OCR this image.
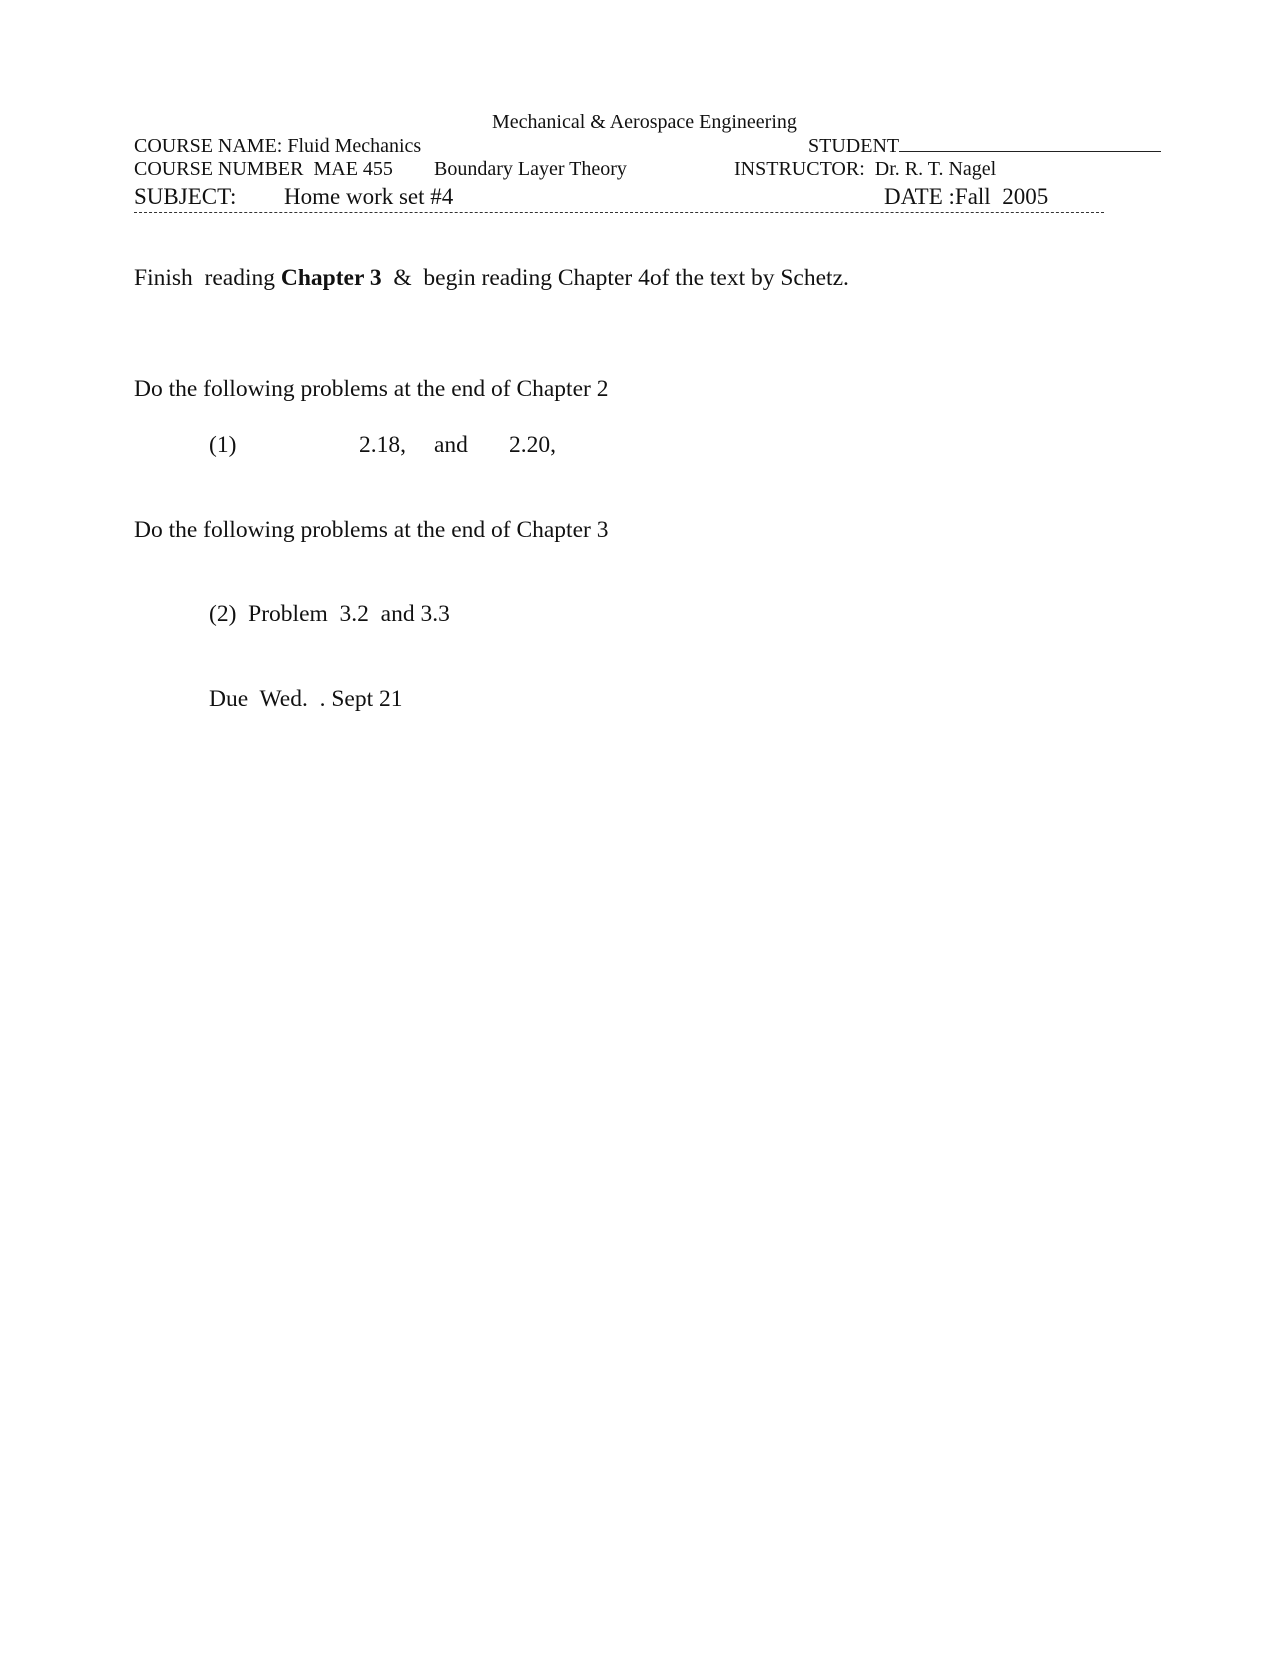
Mechanical & Aerospace Engineering
COURSE NAME: Fluid Mechanics	STUDENT
COURSE NUMBER  MAE 455 Boundary Layer Theory	INSTRUCTOR:  Dr. R. T. Nagel
SUBJECT: Home work set #4	DATE :Fall  2005
Finish  reading Chapter 3  &  begin reading Chapter 4of the text by Schetz.
Do the following problems at the end of Chapter 2
(1)	2.18, and 2.20,
Do the following problems at the end of Chapter 3
(2)  Problem  3.2  and 3.3
Due  Wed.  . Sept 21
